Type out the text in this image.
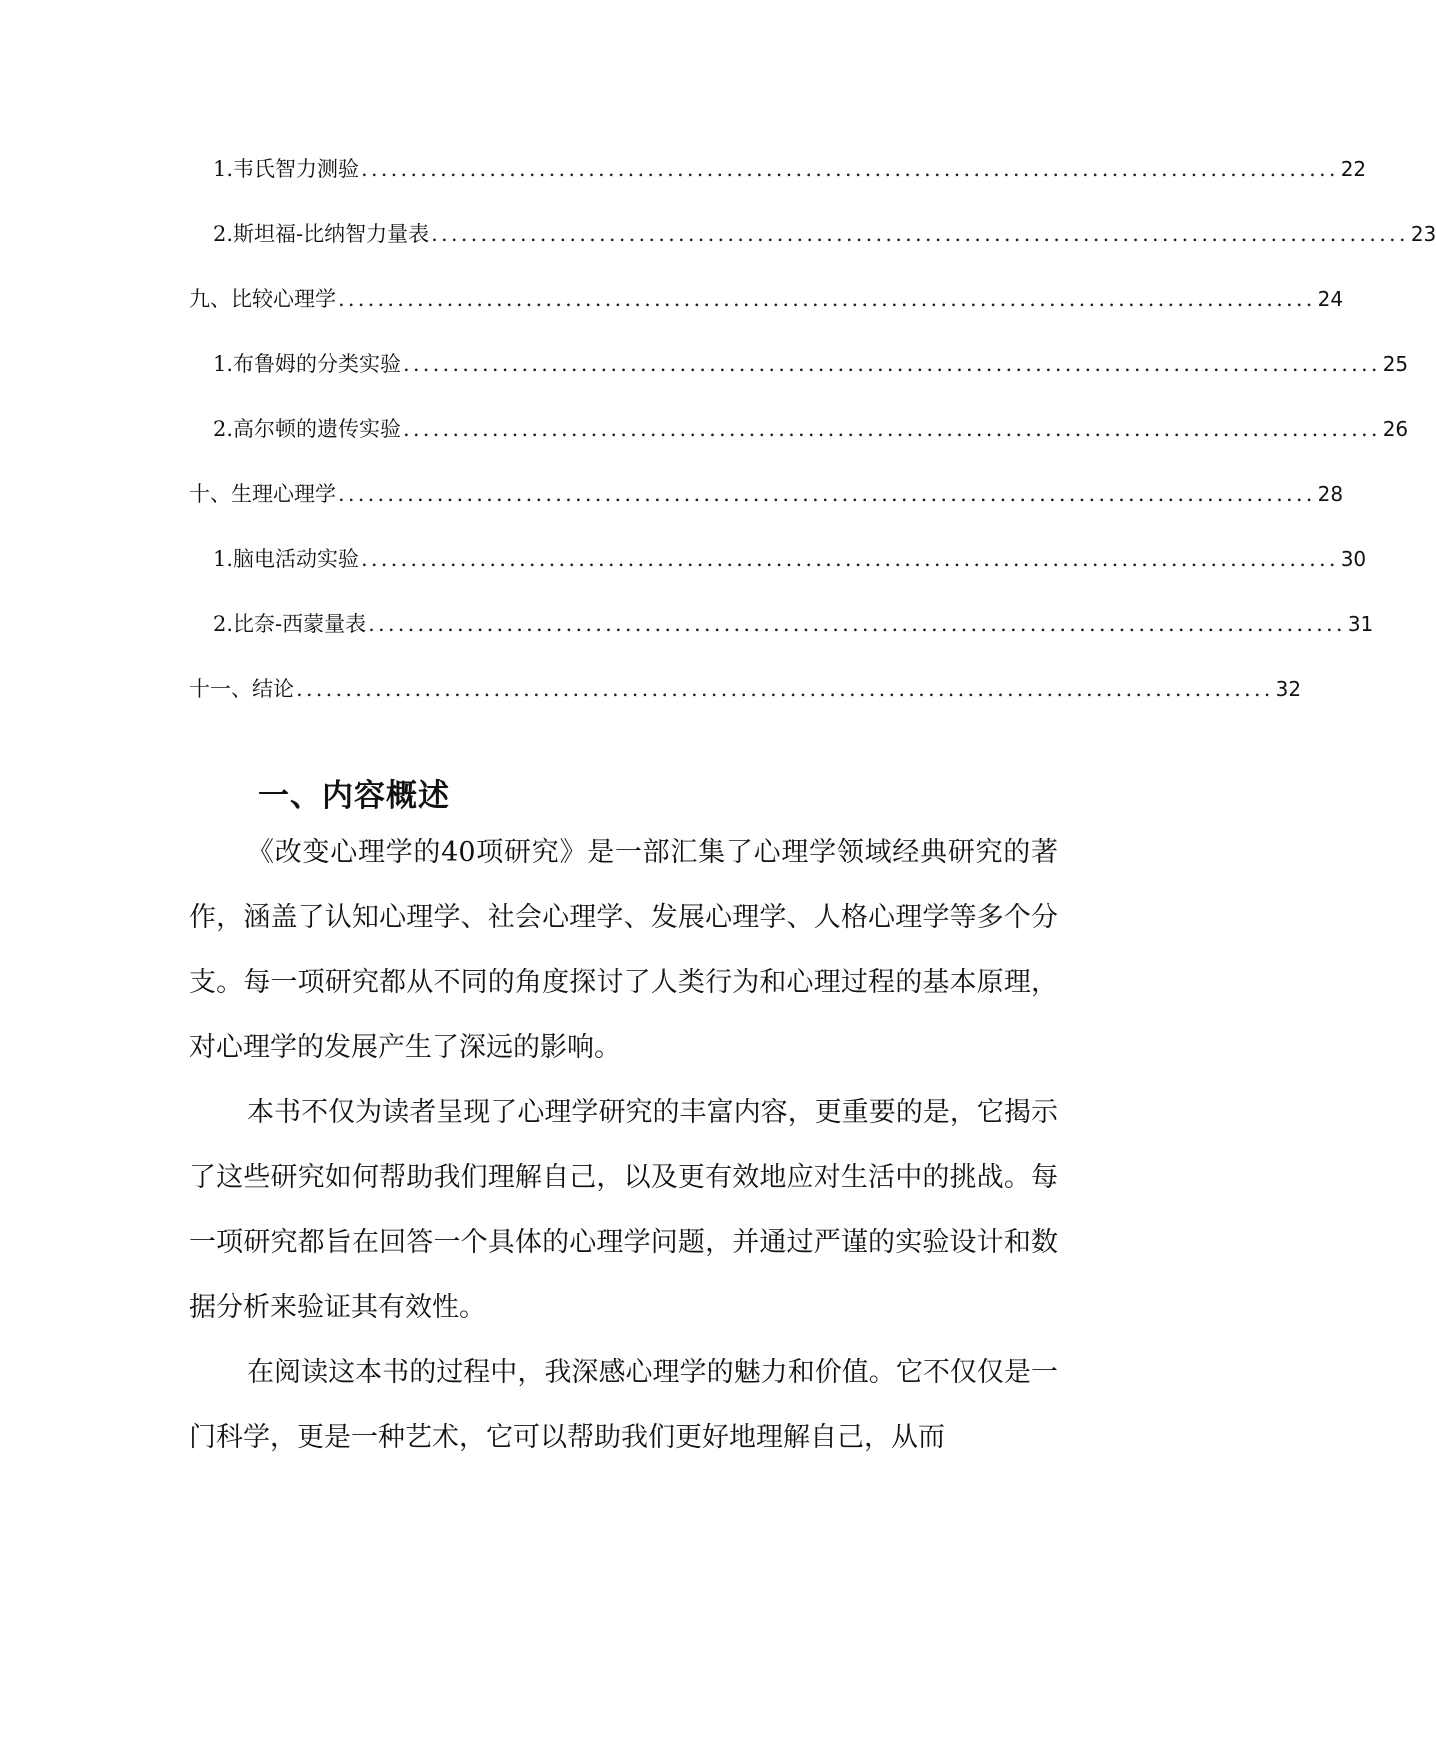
1. 韦氏智力测验 ................................................................................................... 22
2. 斯坦福-比纳智力量表 ................................................................................................... 23
九、比较心理学 ................................................................................................... 24
1. 布鲁姆的分类实验 ................................................................................................... 25
2. 高尔顿的遗传实验 ................................................................................................... 26
十、生理心理学 ................................................................................................... 28
1. 脑电活动实验 ................................................................................................... 30
2. 比奈-西蒙量表 ................................................................................................... 31
十一、结论 ................................................................................................... 32
一、内容概述

《改变心理学的40项研究》是一部汇集了心理学领域经典研究的著作，涵盖了认知心理学、社会心理学、发展心理学、人格心理学等多个分支。每一项研究都从不同的角度探讨了人类行为和心理过程的基本原理，对心理学的发展产生了深远的影响。

本书不仅为读者呈现了心理学研究的丰富内容，更重要的是，它揭示了这些研究如何帮助我们理解自己，以及更有效地应对生活中的挑战。每一项研究都旨在回答一个具体的心理学问题，并通过严谨的实验设计和数据分析来验证其有效性。

在阅读这本书的过程中，我深感心理学的魅力和价值。它不仅仅是一门科学，更是一种艺术，它可以帮助我们更好地理解自己，从而
